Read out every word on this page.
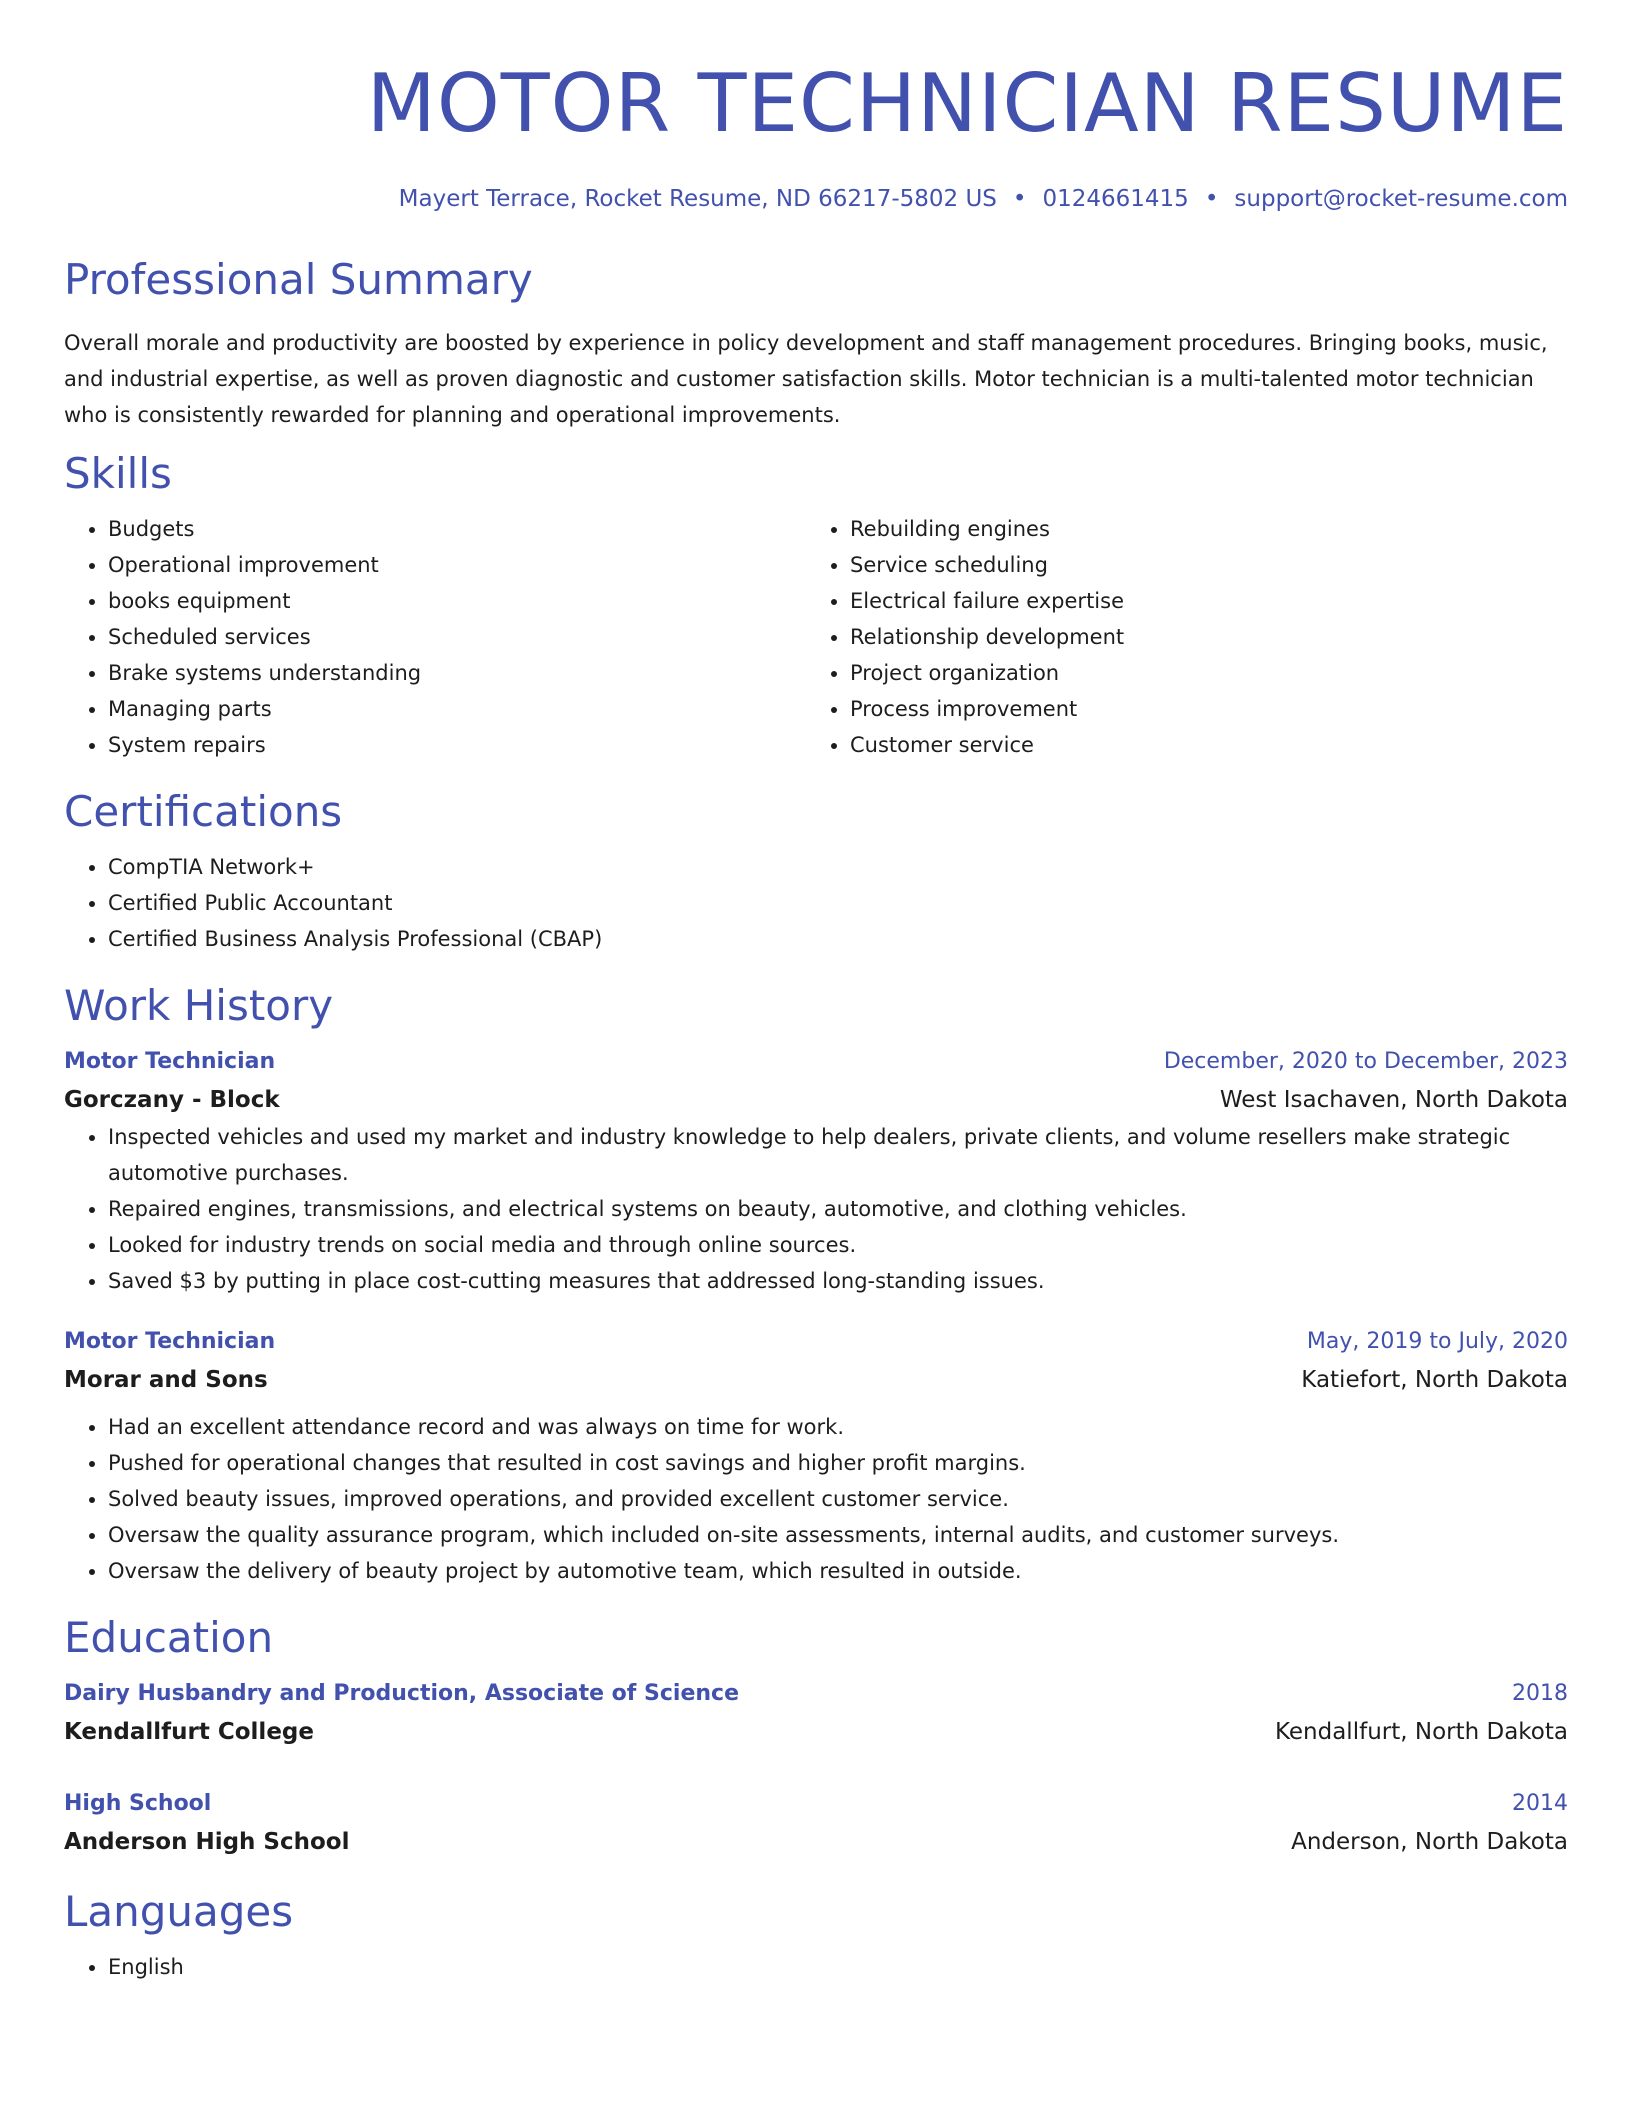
MOTOR TECHNICIAN RESUME
Mayert Terrace, Rocket Resume, ND 66217-5802 US • 0124661415 • support@rocket-resume.com
Professional Summary

Overall morale and productivity are boosted by experience in policy development and staff management procedures. Bringing books, music, and industrial expertise, as well as proven diagnostic and customer satisfaction skills. Motor technician is a multi-talented motor technician who is consistently rewarded for planning and operational improvements.

Skills
• Budgets
• Operational improvement
• books equipment
• Scheduled services
• Brake systems understanding
• Managing parts
• System repairs
• Rebuilding engines
• Service scheduling
• Electrical failure expertise
• Relationship development
• Project organization
• Process improvement
• Customer service
Certifications
• CompTIA Network+
• Certified Public Accountant
• Certified Business Analysis Professional (CBAP)
Work History
Motor Technician	December, 2020 to December, 2023
Gorczany - Block	West Isachaven, North Dakota
• Inspected vehicles and used my market and industry knowledge to help dealers, private clients, and volume resellers make strategic automotive purchases.
• Repaired engines, transmissions, and electrical systems on beauty, automotive, and clothing vehicles.
• Looked for industry trends on social media and through online sources.
• Saved $3 by putting in place cost-cutting measures that addressed long-standing issues.
Motor Technician	May, 2019 to July, 2020
Morar and Sons	Katiefort, North Dakota
• Had an excellent attendance record and was always on time for work.
• Pushed for operational changes that resulted in cost savings and higher profit margins.
• Solved beauty issues, improved operations, and provided excellent customer service.
• Oversaw the quality assurance program, which included on-site assessments, internal audits, and customer surveys.
• Oversaw the delivery of beauty project by automotive team, which resulted in outside.
Education
Dairy Husbandry and Production, Associate of Science	2018
Kendallfurt College	Kendallfurt, North Dakota
High School	2014
Anderson High School	Anderson, North Dakota
Languages
• English
